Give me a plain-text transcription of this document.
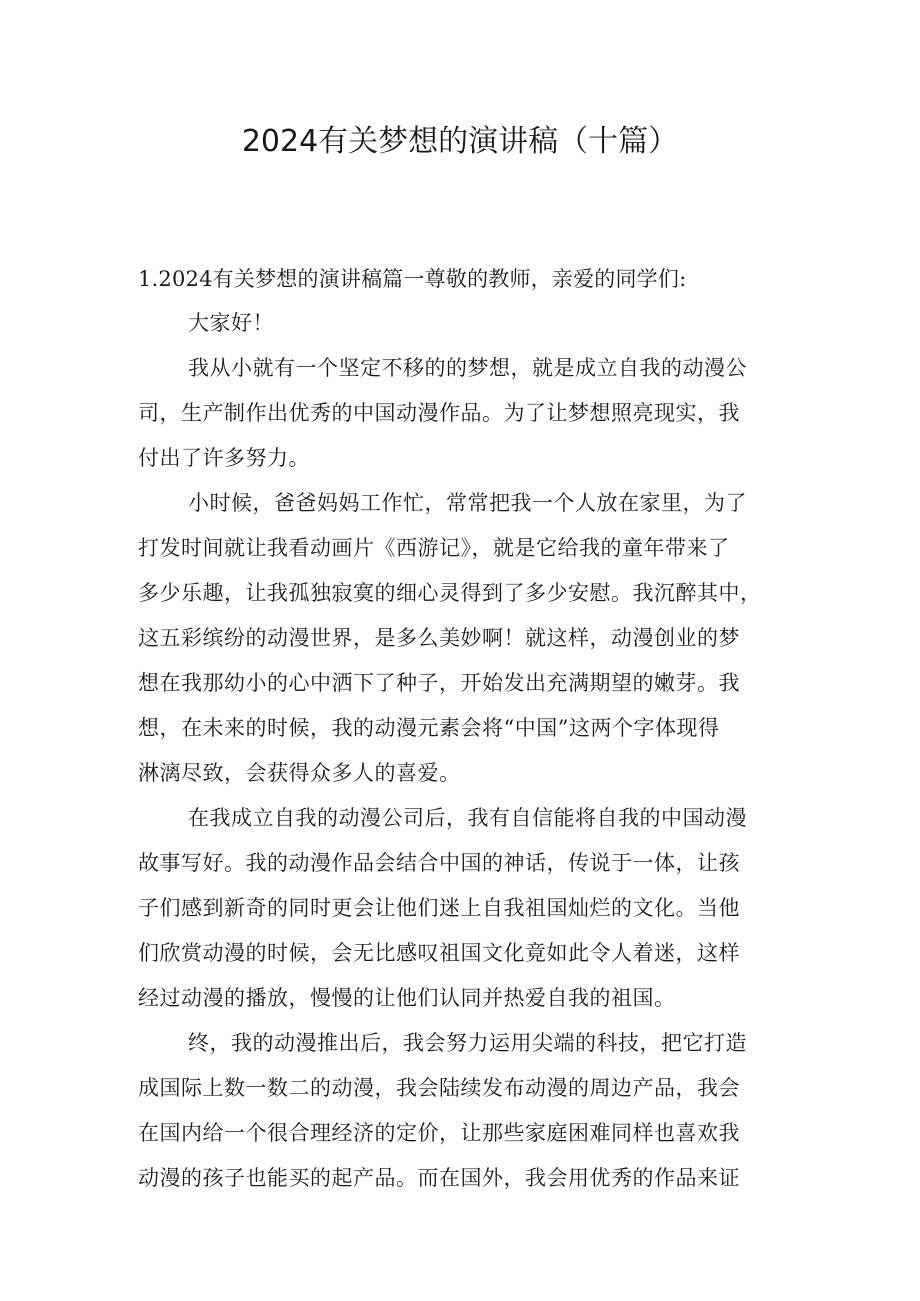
2024有关梦想的演讲稿（十篇）

1.2024有关梦想的演讲稿篇一尊敬的教师，亲爱的同学们:

大家好！
我从小就有一个坚定不移的的梦想，就是成立自我的动漫公
司，生产制作出优秀的中国动漫作品。为了让梦想照亮现实，我
付出了许多努力。
小时候，爸爸妈妈工作忙，常常把我一个人放在家里，为了
打发时间就让我看动画片《西游记》，就是它给我的童年带来了
多少乐趣，让我孤独寂寞的细心灵得到了多少安慰。我沉醉其中，
这五彩缤纷的动漫世界，是多么美妙啊！就这样，动漫创业的梦
想在我那幼小的心中洒下了种子，开始发出充满期望的嫩芽。我
想，在未来的时候，我的动漫元素会将“中国”这两个字体现得
淋漓尽致，会获得众多人的喜爱。
在我成立自我的动漫公司后，我有自信能将自我的中国动漫
故事写好。我的动漫作品会结合中国的神话，传说于一体，让孩
子们感到新奇的同时更会让他们迷上自我祖国灿烂的文化。当他
们欣赏动漫的时候，会无比感叹祖国文化竟如此令人着迷，这样
经过动漫的播放，慢慢的让他们认同并热爱自我的祖国。
终，我的动漫推出后，我会努力运用尖端的科技，把它打造
成国际上数一数二的动漫，我会陆续发布动漫的周边产品，我会
在国内给一个很合理经济的定价，让那些家庭困难同样也喜欢我
动漫的孩子也能买的起产品。而在国外，我会用优秀的作品来证
